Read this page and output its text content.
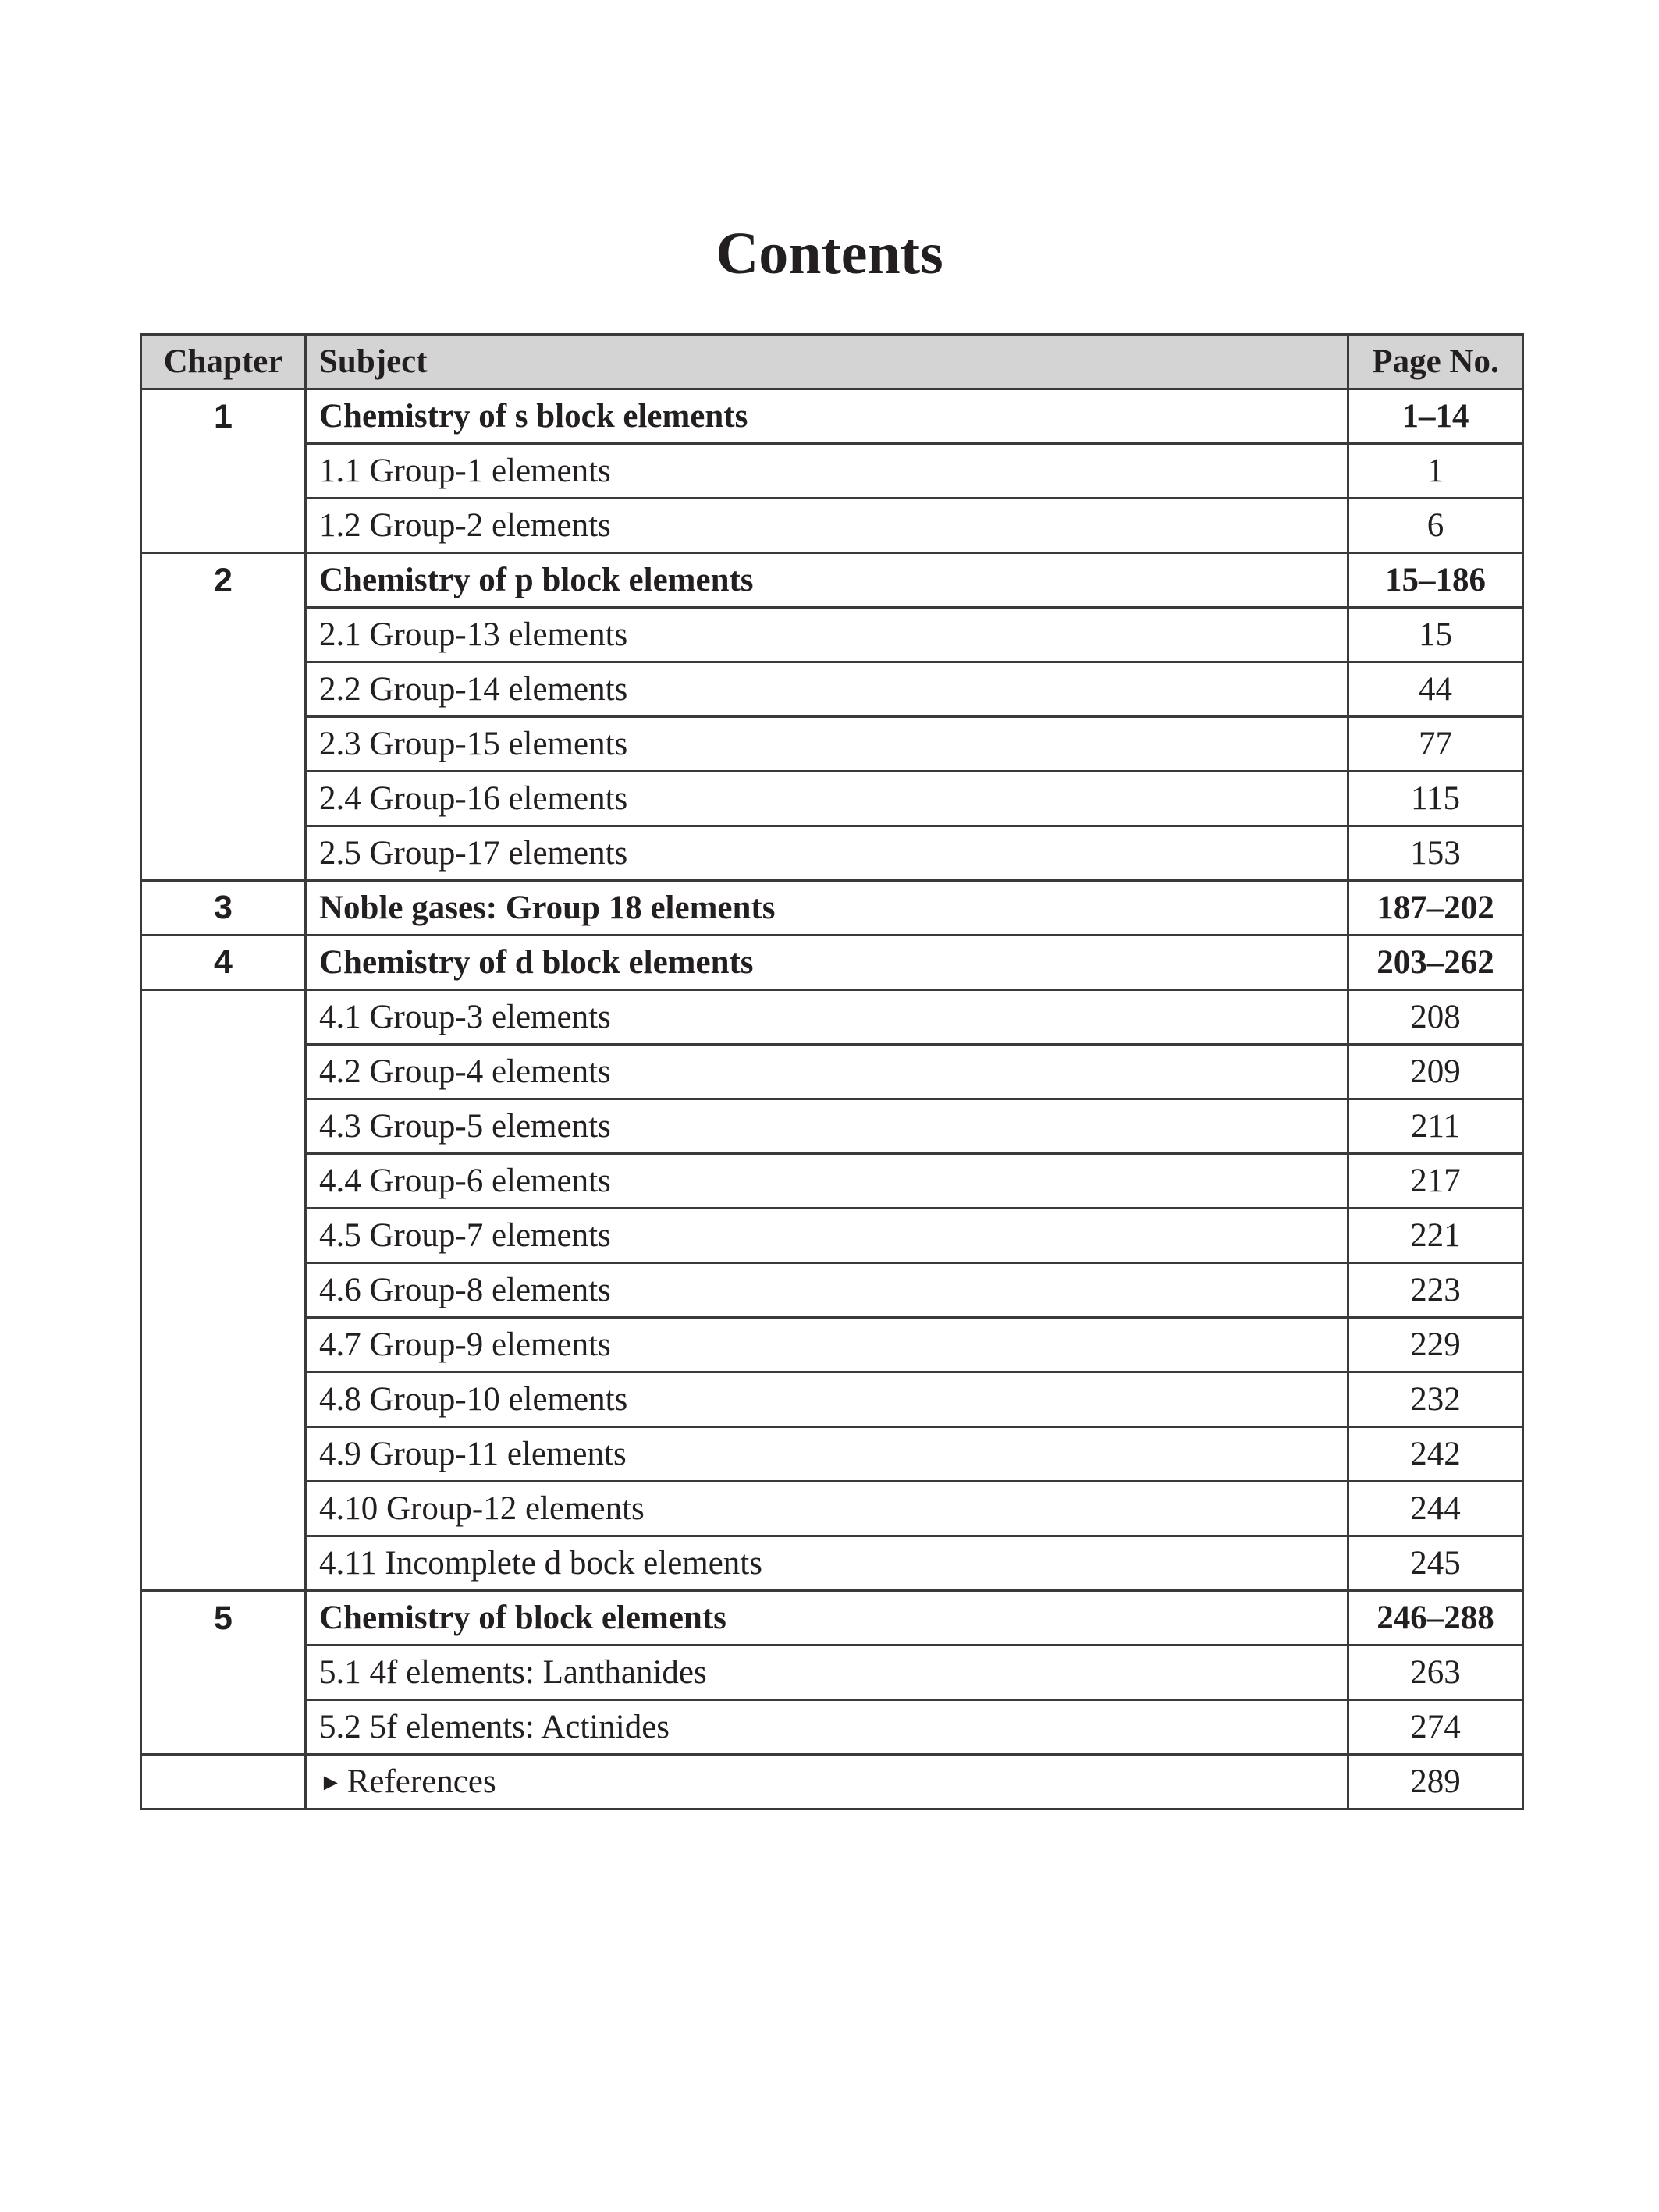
Contents
Chapter	Subject	Page No.
1	Chemistry of s block elements	1–14
	1.1 Group-1 elements	1
	1.2 Group-2 elements	6
2	Chemistry of p block elements	15–186
	2.1 Group-13 elements	15
	2.2 Group-14 elements	44
	2.3 Group-15 elements	77
	2.4 Group-16 elements	115
	2.5 Group-17 elements	153
3	Noble gases: Group 18 elements	187–202
4	Chemistry of d block elements	203–262
	4.1 Group-3 elements	208
	4.2 Group-4 elements	209
	4.3 Group-5 elements	211
	4.4 Group-6 elements	217
	4.5 Group-7 elements	221
	4.6 Group-8 elements	223
	4.7 Group-9 elements	229
	4.8 Group-10 elements	232
	4.9 Group-11 elements	242
	4.10 Group-12 elements	244
	4.11 Incomplete d bock elements	245
5	Chemistry of block elements	246–288
	5.1 4f elements: Lanthanides	263
	5.2 5f elements: Actinides	274
	► References	289
